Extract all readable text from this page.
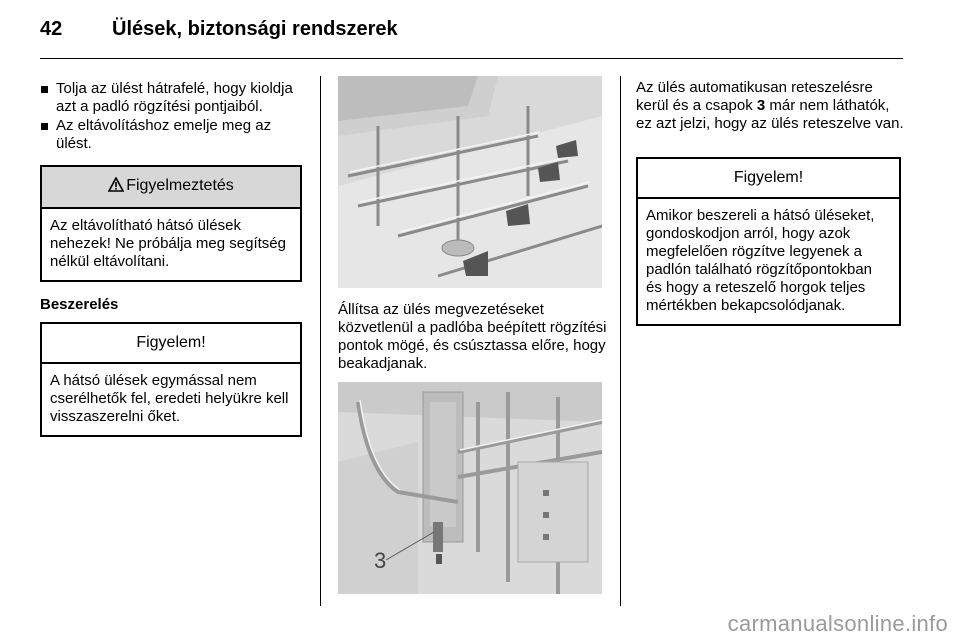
42 Ülések, biztonsági rendszerek
Tolja az ülést hátrafelé, hogy kioldja azt a padló rögzítési pontjaiból.
Az eltávolításhoz emelje meg az ülést.
Figyelmeztetés
Az eltávolítható hátsó ülések nehezek! Ne próbálja meg segítség nélkül eltávolítani.
Beszerelés
Figyelem!
A hátsó ülések egymással nem cserélhetők fel, eredeti helyükre kell visszaszerelni őket.
Állítsa az ülés megvezetéseket közvetlenül a padlóba beépített rögzítési pontok mögé, és csúsztassa előre, hogy beakadjanak.
3
Az ülés automatikusan reteszelésre kerül és a csapok 3 már nem láthatók, ez azt jelzi, hogy az ülés reteszelve van.
Figyelem!
Amikor beszereli a hátsó üléseket, gondoskodjon arról, hogy azok megfelelően rögzítve legyenek a padlón található rögzítőpontokban és hogy a reteszelő horgok teljes mértékben bekapcsolódjanak.
carmanualsonline.info
